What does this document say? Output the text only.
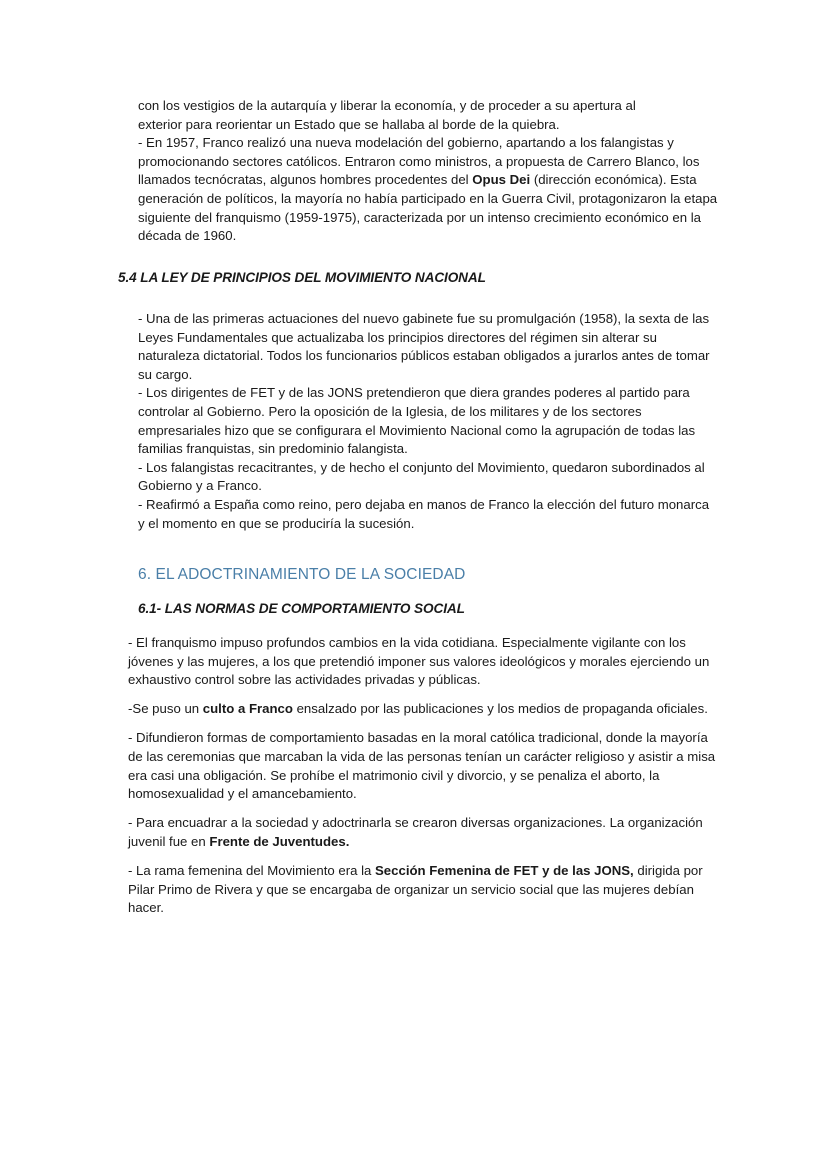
con los vestigios de la autarquía y liberar la economía, y de proceder a su apertura al

exterior para reorientar un Estado que se hallaba al borde de la quiebra.

- En 1957, Franco realizó una nueva modelación del gobierno, apartando a los falangistas y promocionando sectores católicos. Entraron como ministros, a propuesta de Carrero Blanco, los llamados tecnócratas, algunos hombres procedentes del Opus Dei (dirección económica). Esta generación de políticos, la mayoría no había participado en la Guerra Civil, protagonizaron la etapa siguiente del franquismo (1959-1975), caracterizada por un intenso crecimiento económico en la década de 1960.

5.4 LA LEY DE PRINCIPIOS DEL MOVIMIENTO NACIONAL

- Una de las primeras actuaciones del nuevo gabinete fue su promulgación (1958), la sexta de las Leyes Fundamentales que actualizaba los principios directores del régimen sin alterar su naturaleza dictatorial. Todos los funcionarios públicos estaban obligados a jurarlos antes de tomar su cargo.

- Los dirigentes de FET y de las JONS pretendieron que diera grandes poderes al partido para controlar al Gobierno. Pero la oposición de la Iglesia, de los militares y de los sectores empresariales hizo que se configurara el Movimiento Nacional como la agrupación de todas las familias franquistas, sin predominio falangista.

- Los falangistas recacitrantes, y de hecho el conjunto del Movimiento, quedaron subordinados al Gobierno y a Franco.

- Reafirmó a España como reino, pero dejaba en manos de Franco la elección del futuro monarca y el momento en que se produciría la sucesión.

6. EL ADOCTRINAMIENTO DE LA SOCIEDAD
6.1- LAS NORMAS DE COMPORTAMIENTO SOCIAL

- El franquismo impuso profundos cambios en la vida cotidiana. Especialmente vigilante con los jóvenes y las mujeres, a los que pretendió imponer sus valores ideológicos y morales ejerciendo un exhaustivo control sobre las actividades privadas y públicas.

-Se puso un culto a Franco ensalzado por las publicaciones y los medios de propaganda oficiales.

- Difundieron formas de comportamiento basadas en la moral católica tradicional, donde la mayoría de las ceremonias que marcaban la vida de las personas tenían un carácter religioso y asistir a misa era casi una obligación. Se prohíbe el matrimonio civil y divorcio, y se penaliza el aborto, la homosexualidad y el amancebamiento.

- Para encuadrar a la sociedad y adoctrinarla se crearon diversas organizaciones. La organización juvenil fue en Frente de Juventudes.

- La rama femenina del Movimiento era la Sección Femenina de FET y de las JONS, dirigida por Pilar Primo de Rivera y que se encargaba de organizar un servicio social que las mujeres debían hacer.
